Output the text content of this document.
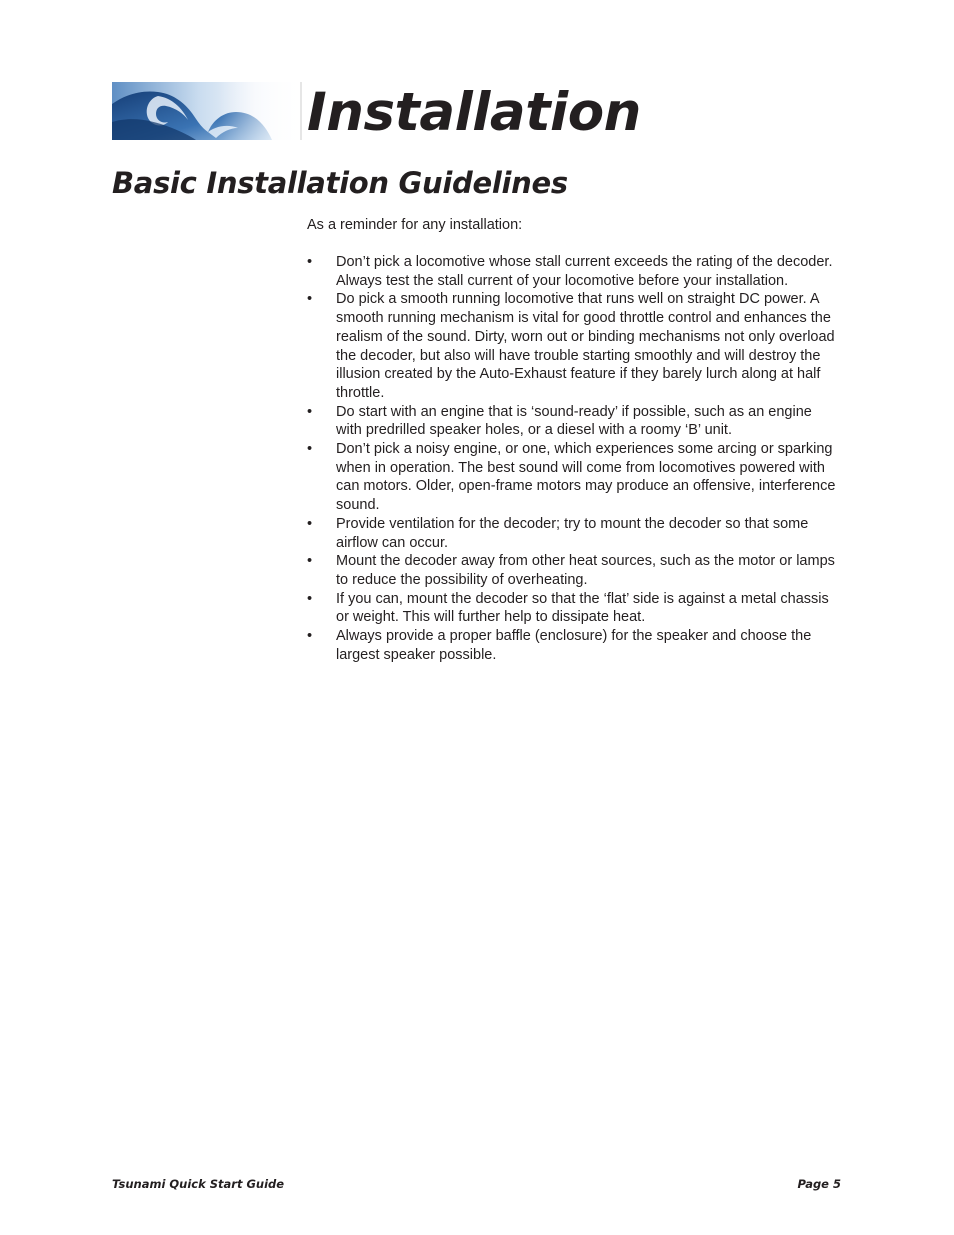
Installation
Basic Installation Guidelines

As a reminder for any installation:

• Don’t pick a locomotive whose stall current exceeds the rating of the decoder. Always test the stall current of your locomotive before your installation.
• Do pick a smooth running locomotive that runs well on straight DC power. A smooth running mechanism is vital for good throttle control and enhances the realism of the sound. Dirty, worn out or binding mechanisms not only overload the decoder, but also will have trouble starting smoothly and will destroy the illusion created by the Auto-Exhaust feature if they barely lurch along at half throttle.
• Do start with an engine that is ‘sound-ready’ if possible, such as an engine with predrilled speaker holes, or a diesel with a roomy ‘B’ unit.
• Don’t pick a noisy engine, or one, which experiences some arcing or sparking when in operation. The best sound will come from locomotives powered with can motors. Older, open-frame motors may produce an offensive, interference sound.
• Provide ventilation for the decoder; try to mount the decoder so that some airflow can occur.
• Mount the decoder away from other heat sources, such as the motor or lamps to reduce the possibility of overheating.
• If you can, mount the decoder so that the ‘flat’ side is against a metal chassis or weight. This will further help to dissipate heat.
• Always provide a proper baffle (enclosure) for the speaker and choose the largest speaker possible.

Tsunami Quick Start Guide	Page 5
